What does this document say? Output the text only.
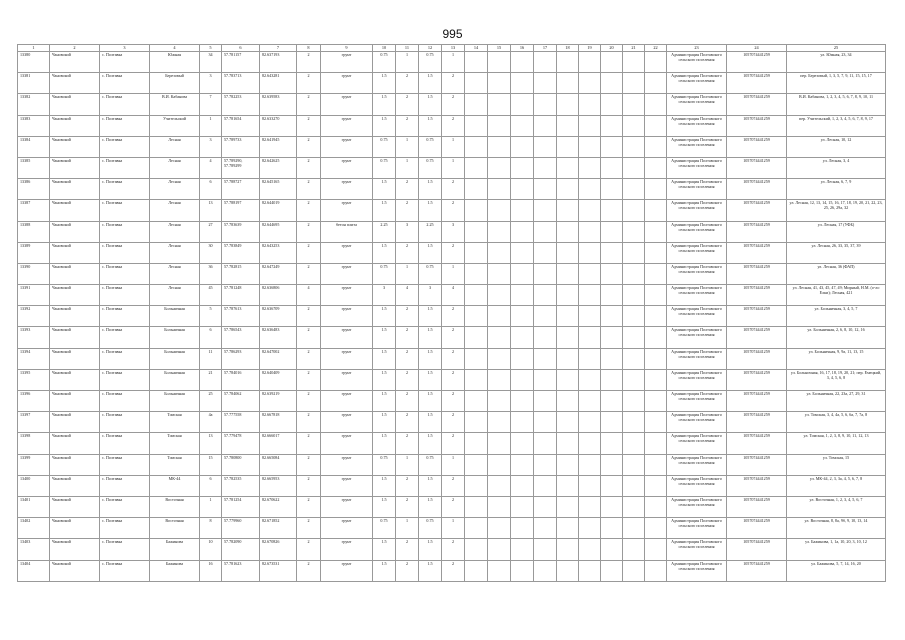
995
1	2	3	4	5	6	7	8	9	10	11	12	13	14	15	16	17	18	19	20	21	22	23	24	25
13380	Чановский	с. Полтавка	Южная	34	57.781157	82.637193	2	грунт	0.75	1	0.75	1										Администрация Полтавского сельского поселения	1057074441259	ул. Южная, 23, 34
13381	Чановский	с. Полтавка	Березовый	3	57.783713	82.643281	2	грунт	1.5	2	1.5	2										Администрация Полтавского сельского поселения	1057074441259	пер. Березовый, 1, 3, 5, 7, 9, 11, 15, 15, 17
13382	Чановский	с. Полтавка	В.И. Кабанова	7	57.782253	82.639583	2	грунт	1.5	2	1.5	2										Администрация Полтавского сельского поселения	1057074441259	В.И. Кабанова, 1, 2, 3, 4, 5, 6, 7, 8, 9, 10, 11
13383	Чановский	с. Полтавка	Учительский	1	57.781654	82.633270	2	грунт	1.5	2	1.5	2										Администрация Полтавского сельского поселения	1057074441259	пер. Учительский, 1, 2, 3, 4, 5, 6, 7, 8, 9, 17
13384	Чановский	с. Полтавка	Лесная	3	57.789733	82.641945	2	грунт	0.75	1	0.75	1										Администрация Полтавского сельского поселения	1057074441259	ул. Лесная, 10, 12
13385	Чановский	с. Полтавка	Лесная	4	57.789290, 57.789299	82.642625	2	грунт	0.75	1	0.75	1										Администрация Полтавского сельского поселения	1057074441259	ул. Лесная, 3, 4
13386	Чановский	с. Полтавка	Лесная	6	57.788727	82.645165	2	грунт	1.5	2	1.5	2										Администрация Полтавского сельского поселения	1057074441259	ул. Лесная, 6, 7, 9
13387	Чановский	с. Полтавка	Лесная	13	57.788197	82.644019	2	грунт	1.5	2	1.5	2										Администрация Полтавского сельского поселения	1057074441259	ул. Лесная, 12, 13, 14, 15, 16, 17, 18, 19, 20, 21, 22, 23, 25, 26, 29а, 32
13388	Чановский	с. Полтавка	Лесная	27	57.783639	82.644695	2	бетон плита	2.25	3	2.25	3										Администрация Полтавского сельского поселения	1057074441259	ул. Лесная, 17 (УФБ)
13389	Чановский	с. Полтавка	Лесная	30	57.783849	82.643253	2	грунт	1.5	2	1.5	2										Администрация Полтавского сельского поселения	1057074441259	ул. Лесная, 26, 33, 35, 37, 39
13390	Чановский	с. Полтавка	Лесная	36	57.782815	82.647249	2	грунт	0.75	1	0.75	1										Администрация Полтавского сельского поселения	1057074441259	ул. Лесная, 36 (ФАП)
13391	Чановский	с. Полтавка	Лесная	45	57.781248	82.636806	4	грунт	3	4	3	4										Администрация Полтавского сельского поселения	1057074441259	ул. Лесная, 41, 43, 45, 47, 49; Мирный, Н.М. (о-ло Елки); Лесная, 421
13392	Чановский	с. Полтавка	Больничная	5	57.787613	82.636709	2	грунт	1.5	2	1.5	2										Администрация Полтавского сельского поселения	1057074441259	ул. Больничная, 3, 4, 5, 7
13393	Чановский	с. Полтавка	Больничная	6	57.786543	82.636483	2	грунт	1.5	2	1.5	2										Администрация Полтавского сельского поселения	1057074441259	ул. Больничная, 2, 6, 8, 10, 12, 16
13394	Чановский	с. Полтавка	Больничная	11	57.786293	82.647002	2	грунт	1.5	2	1.5	2										Администрация Полтавского сельского поселения	1057074441259	ул. Больничная, 9, 9а, 11, 13, 15
13395	Чановский	с. Полтавка	Больничная	21	57.784016	82.640409	2	грунт	1.5	2	1.5	2										Администрация Полтавского сельского поселения	1057074441259	ул. Больничная, 16, 17, 18, 19, 20, 21; пер. Емецкий, 3, 4, 5, 6, 8
13396	Чановский	с. Полтавка	Больничная	25	57.784062	82.639219	2	грунт	1.5	2	1.5	2										Администрация Полтавского сельского поселения	1057074441259	ул. Больничная, 22, 23а, 27, 29, 31
13397	Чановский	с. Полтавка	Томская	4а	57.777558	82.667818	2	грунт	1.5	2	1.5	2										Администрация Полтавского сельского поселения	1057074441259	ул. Томская, 3, 4, 4а, 5, 6, 6а, 7, 7а, 8
13398	Чановский	с. Полтавка	Томская	13	57.779478	82.666017	2	грунт	1.5	2	1.5	2										Администрация Полтавского сельского поселения	1057074441259	ул. Томская, 1, 2, 3, 8, 9, 10, 11, 12, 13
13399	Чановский	с. Полтавка	Томская	15	57.780800	82.665084	2	грунт	0.75	1	0.75	1										Администрация Полтавского сельского поселения	1057074441259	ул. Томская, 15
13400	Чановский	с. Полтавка	МК-44	6	57.782535	82.665953	2	грунт	1.5	2	1.5	2										Администрация Полтавского сельского поселения	1057074441259	ул. МК-44, 2, 3, 3а, 4, 5, 6, 7, 8
13401	Чановский	с. Полтавка	Восточная	1	57.781254	82.670622	2	грунт	1.5	2	1.5	2										Администрация Полтавского сельского поселения	1057074441259	ул. Восточная, 1, 2, 3, 4, 5, 6, 7
13402	Чановский	с. Полтавка	Восточная	8	57.779960	82.671852	2	грунт	0.75	1	0.75	1										Администрация Полтавского сельского поселения	1057074441259	ул. Восточная, 8, 8а, 9б, 9, 10, 13, 14
13403	Чановский	с. Полтавка	Бажинова	10	57.782090	82.670826	2	грунт	1.5	2	1.5	2										Администрация Полтавского сельского поселения	1057074441259	ул. Бажинова, 1, 1а, 10, 20, 3, 10, 12
13404	Чановский	с. Полтавка	Бажинова	16	57.781623	82.673531	2	грунт	1.5	2	1.5	2										Администрация Полтавского сельского поселения	1057074441259	ул. Бажинова, 5, 7, 14, 16, 20
